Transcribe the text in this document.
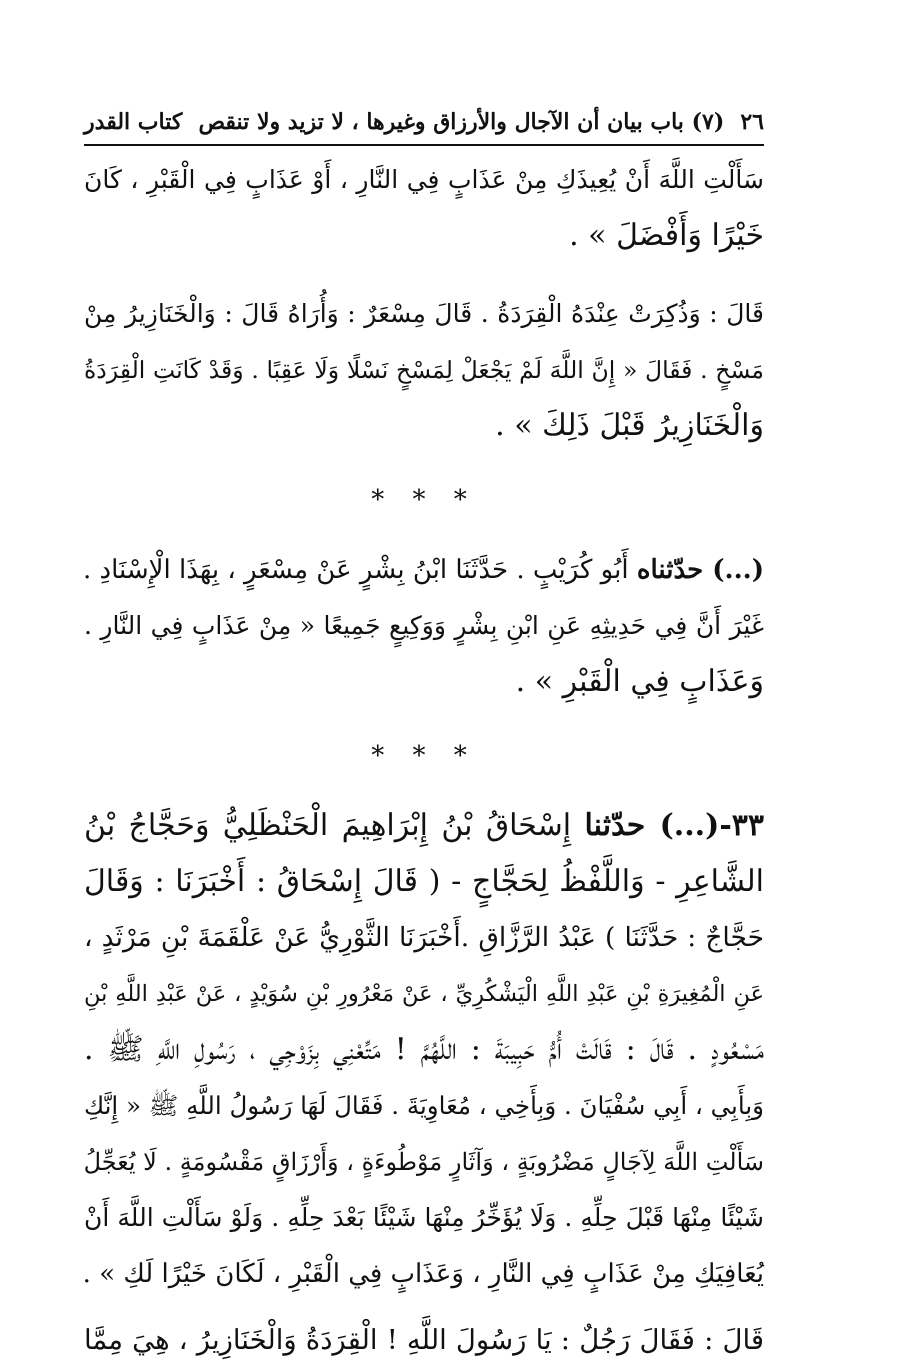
٢٦
(٧) باب بيان أن الآجال والأرزاق وغيرها ، لا تزيد ولا تنقص
كتاب القدر
سَأَلْتِ اللَّهَ أَنْ يُعِيذَكِ مِنْ عَذَابٍ فِي النَّارِ ، أَوْ عَذَابٍ فِي الْقَبْرِ ، كَانَ
خَيْرًا وَأَفْضَلَ » .
قَالَ : وَذُكِرَتْ عِنْدَهُ الْقِرَدَةُ . قَالَ مِسْعَرٌ : وَأُرَاهُ قَالَ : وَالْخَنَازِيرُ مِنْ
مَسْخٍ . فَقَالَ « إِنَّ اللَّهَ لَمْ يَجْعَلْ لِمَسْخٍ نَسْلًا وَلَا عَقِبًا . وَقَدْ كَانَتِ الْقِرَدَةُ
وَالْخَنَازِيرُ قَبْلَ ذَلِكَ » .
* * *
(...) حدّثناه أَبُو كُرَيْبٍ . حَدَّثَنَا ابْنُ بِشْرٍ عَنْ مِسْعَرٍ ، بِهَذَا الْإِسْنَادِ .
غَيْرَ أَنَّ فِي حَدِيثِهِ عَنِ ابْنِ بِشْرٍ وَوَكِيعٍ جَمِيعًا « مِنْ عَذَابٍ فِي النَّارِ .
وَعَذَابٍ فِي الْقَبْرِ » .
* * *
٣٣-(...) حدّثنا إِسْحَاقُ بْنُ إِبْرَاهِيمَ الْحَنْظَلِيُّ وَحَجَّاجُ بْنُ
الشَّاعِرِ - وَاللَّفْظُ لِحَجَّاجٍ - ( قَالَ إِسْحَاقُ : أَخْبَرَنَا : وَقَالَ
حَجَّاجٌ : حَدَّثَنَا ) عَبْدُ الرَّزَّاقِ .أَخْبَرَنَا الثَّوْرِيُّ عَنْ عَلْقَمَةَ بْنِ مَرْثَدٍ ،
عَنِ الْمُغِيرَةِ بْنِ عَبْدِ اللَّهِ الْيَشْكُرِيِّ ، عَنْ مَعْرُورِ بْنِ سُوَيْدٍ ، عَنْ عَبْدِ اللَّهِ بْنِ
مَسْعُودٍ . قَالَ : قَالَتْ أُمُّ حَبِيبَةَ : اللَّهُمَّ ! مَتِّعْنِي بِزَوْجِي ، رَسُولِ اللَّهِ ﷺ .
وَبِأَبِي ، أَبِي سُفْيَانَ . وَبِأَخِي ، مُعَاوِيَةَ . فَقَالَ لَهَا رَسُولُ اللَّهِ ﷺ « إِنَّكِ
سَأَلْتِ اللَّهَ لِآجَالٍ مَضْرُوبَةٍ ، وَآثَارٍ مَوْطُوءَةٍ ، وَأَرْزَاقٍ مَقْسُومَةٍ . لَا يُعَجِّلُ
شَيْئًا مِنْهَا قَبْلَ حِلِّهِ . وَلَا يُؤَخِّرُ مِنْهَا شَيْئًا بَعْدَ حِلِّهِ . وَلَوْ سَأَلْتِ اللَّهَ أَنْ
يُعَافِيَكِ مِنْ عَذَابٍ فِي النَّارِ ، وَعَذَابٍ فِي الْقَبْرِ ، لَكَانَ خَيْرًا لَكِ » .
قَالَ : فَقَالَ رَجُلٌ : يَا رَسُولَ اللَّهِ ! الْقِرَدَةُ وَالْخَنَازِيرُ ، هِيَ مِمَّا
